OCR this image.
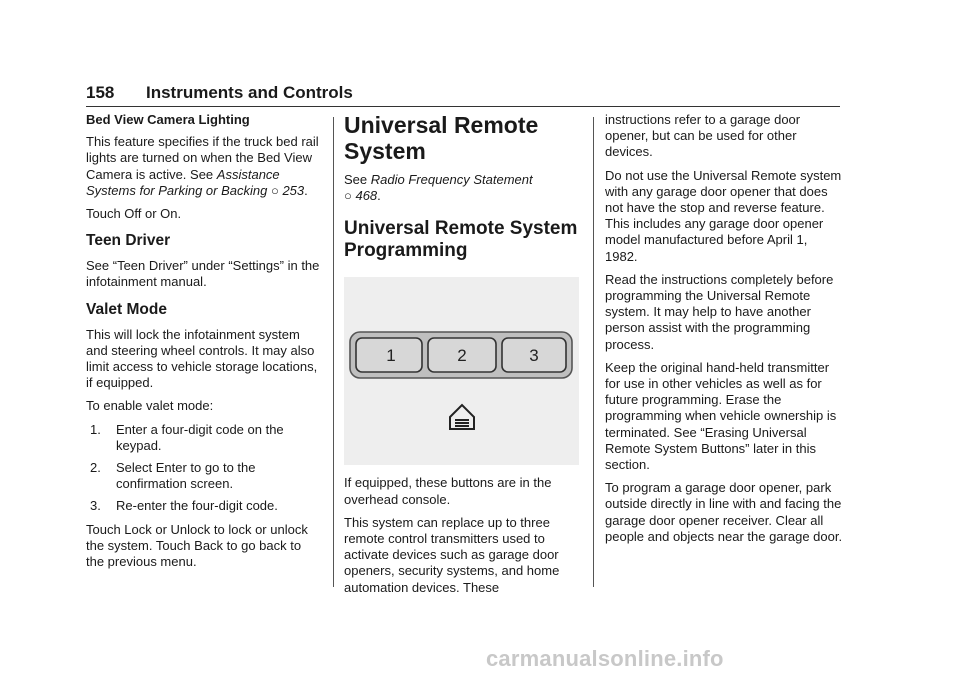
158 Instruments and Controls

Bed View Camera Lighting

This feature specifies if the truck bed rail lights are turned on when the Bed View Camera is active. See Assistance Systems for Parking or Backing ○ 253.

Touch Off or On.

Teen Driver

See “Teen Driver” under “Settings” in the infotainment manual.

Valet Mode

This will lock the infotainment system and steering wheel controls. It may also limit access to vehicle storage locations, if equipped.

To enable valet mode:

1. Enter a four-digit code on the keypad.
2. Select Enter to go to the confirmation screen.
3. Re-enter the four-digit code.

Touch Lock or Unlock to lock or unlock the system. Touch Back to go back to the previous menu.

Universal Remote System

See Radio Frequency Statement
○ 468.

Universal Remote System Programming
1	2	3

If equipped, these buttons are in the overhead console.

This system can replace up to three remote control transmitters used to activate devices such as garage door openers, security systems, and home automation devices. These

instructions refer to a garage door opener, but can be used for other devices.

Do not use the Universal Remote system with any garage door opener that does not have the stop and reverse feature. This includes any garage door opener model manufactured before April 1, 1982.

Read the instructions completely before programming the Universal Remote system. It may help to have another person assist with the programming process.

Keep the original hand-held transmitter for use in other vehicles as well as for future programming. Erase the programming when vehicle ownership is terminated. See “Erasing Universal Remote System Buttons” later in this section.

To program a garage door opener, park outside directly in line with and facing the garage door opener receiver. Clear all people and objects near the garage door.

carmanualsonline.info
